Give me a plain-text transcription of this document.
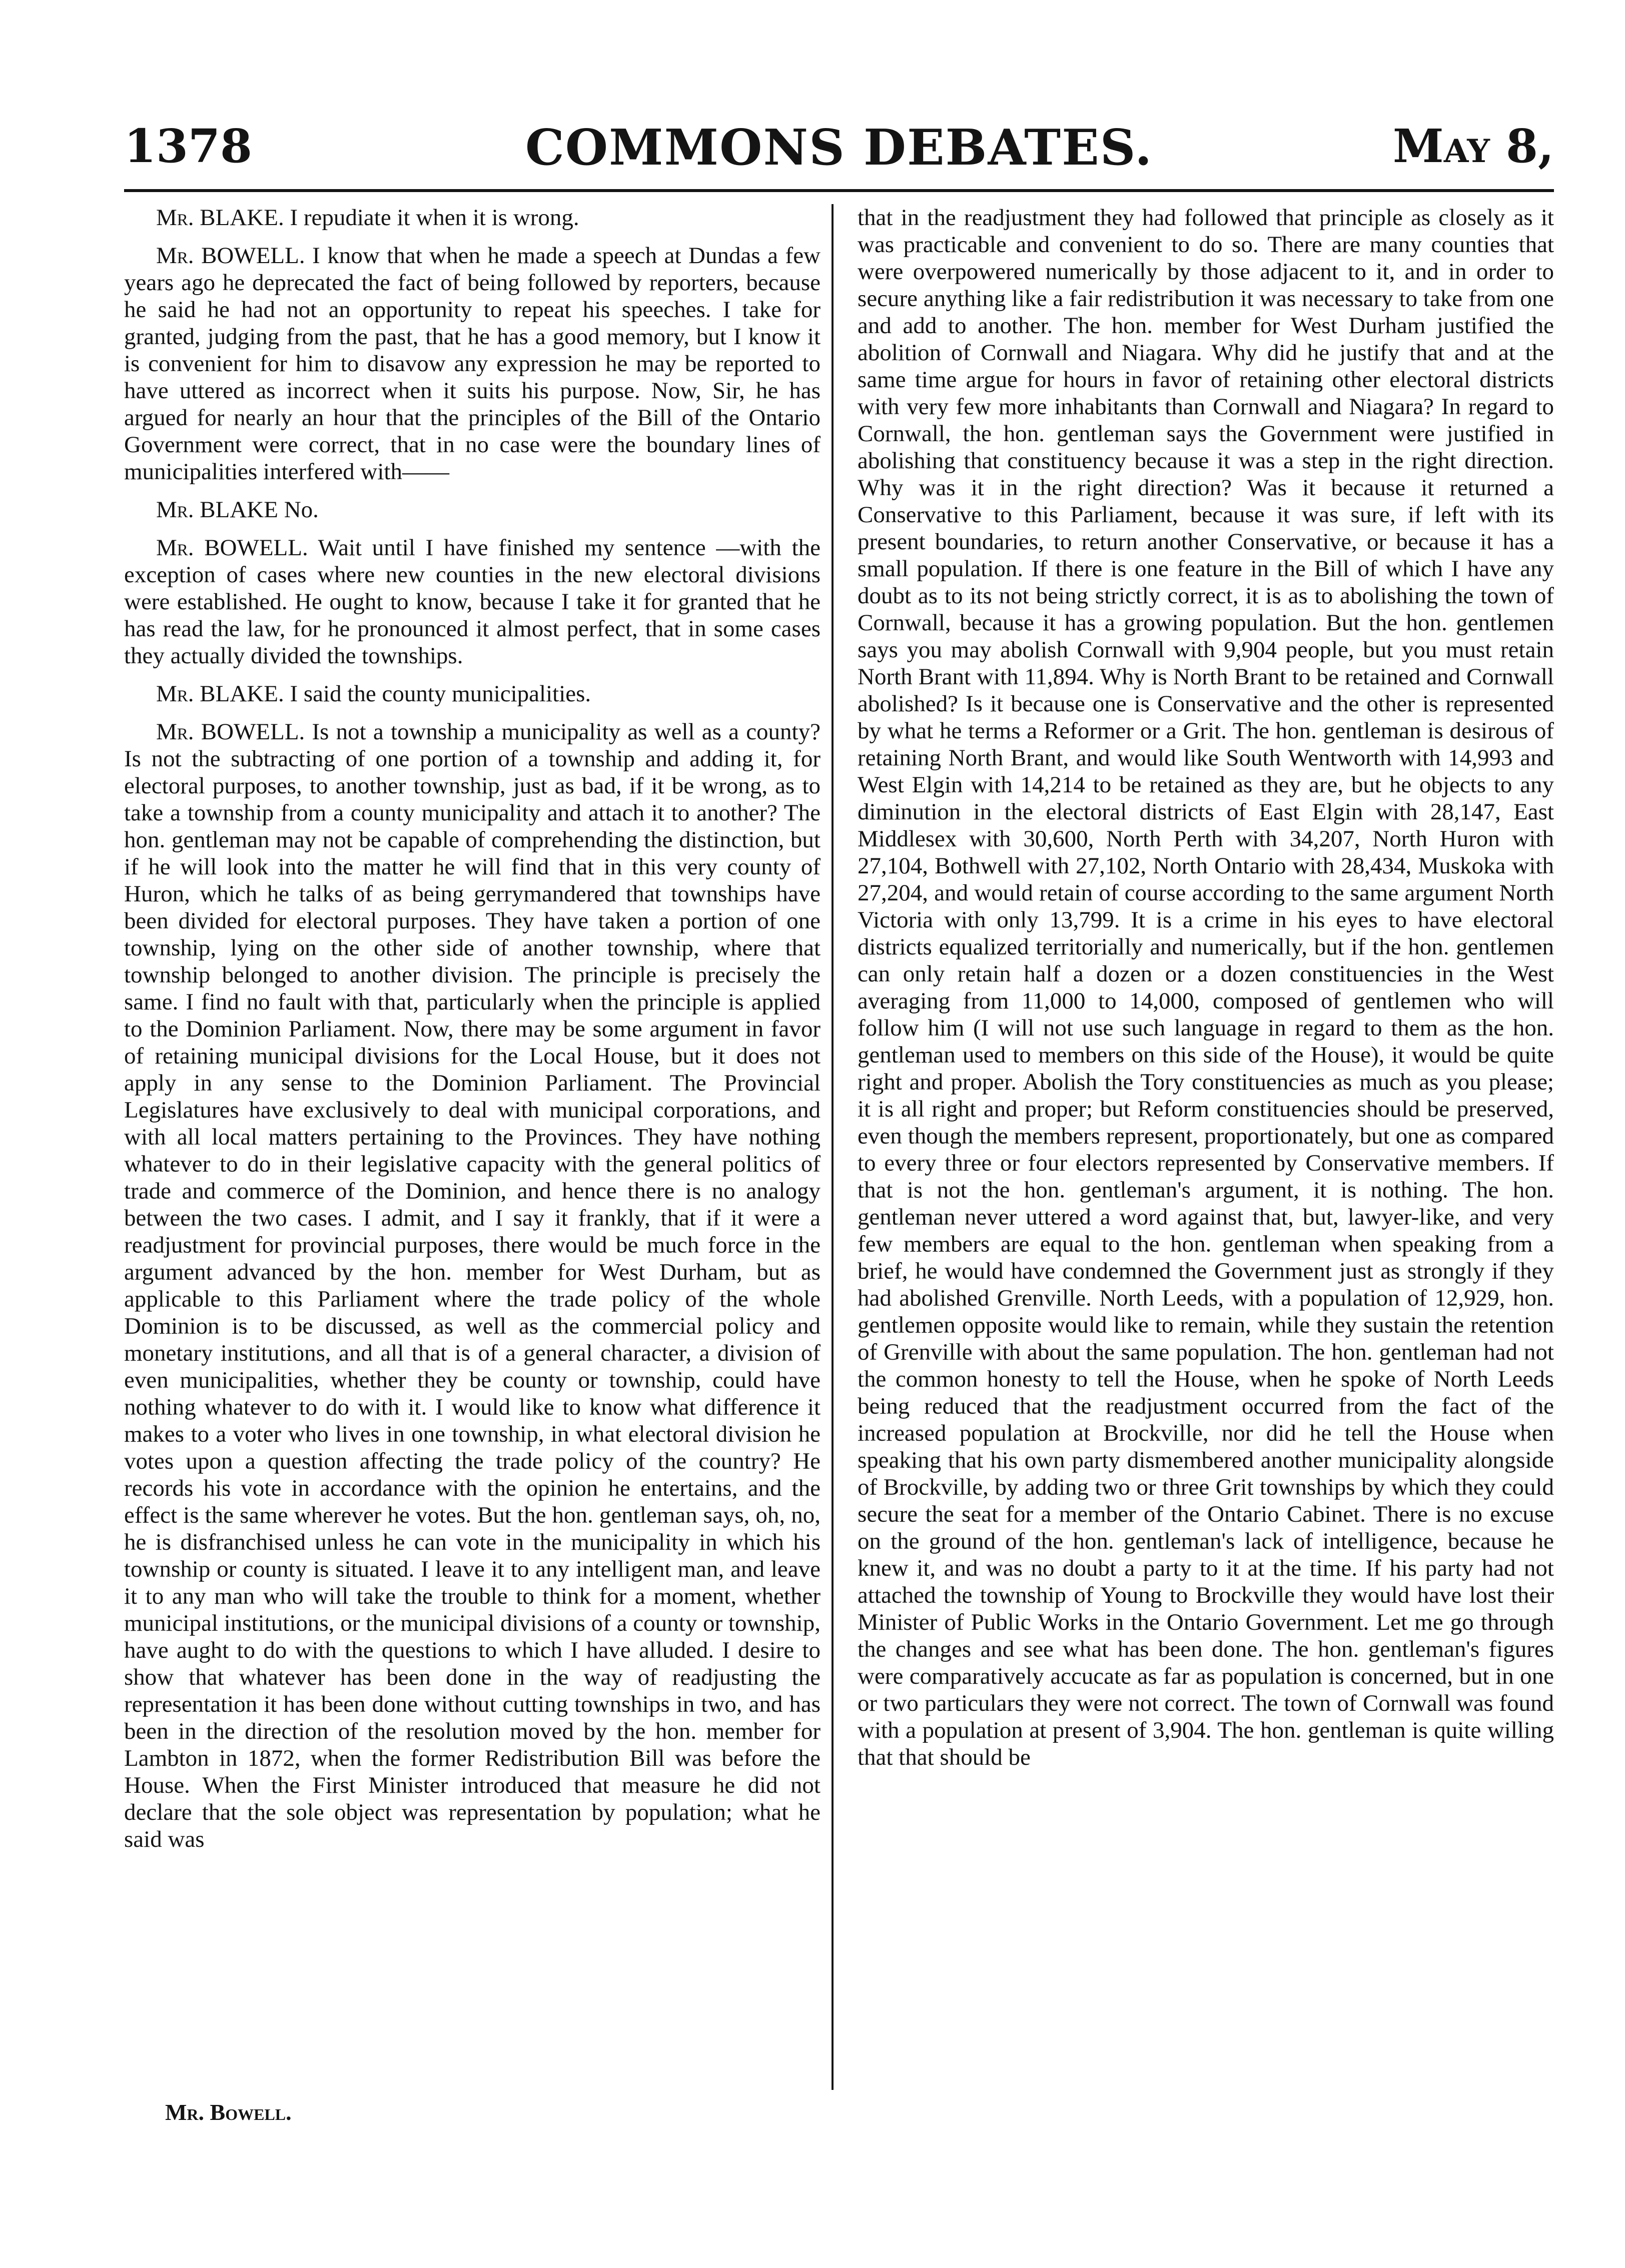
1378	COMMONS DEBATES.	May 8,

Mr. BLAKE. I repudiate it when it is wrong.

Mr. BOWELL. I know that when he made a speech at Dundas a few years ago he deprecated the fact of being followed by reporters, because he said he had not an opportunity to repeat his speeches. I take for granted, judging from the past, that he has a good memory, but I know it is convenient for him to disavow any expression he may be reported to have uttered as incorrect when it suits his purpose. Now, Sir, he has argued for nearly an hour that the principles of the Bill of the Ontario Government were correct, that in no case were the boundary lines of municipalities interfered with——

Mr. BLAKE No.

Mr. BOWELL. Wait until I have finished my sentence —with the exception of cases where new counties in the new electoral divisions were established. He ought to know, because I take it for granted that he has read the law, for he pronounced it almost perfect, that in some cases they actually divided the townships.

Mr. BLAKE. I said the county municipalities.

Mr. BOWELL. Is not a township a municipality as well as a county? Is not the subtracting of one portion of a township and adding it, for electoral purposes, to another township, just as bad, if it be wrong, as to take a township from a county municipality and attach it to another? The hon. gentleman may not be capable of comprehending the distinction, but if he will look into the matter he will find that in this very county of Huron, which he talks of as being gerrymandered that townships have been divided for electoral purposes. They have taken a portion of one township, lying on the other side of another township, where that township belonged to another division. The principle is precisely the same. I find no fault with that, particularly when the principle is applied to the Dominion Parliament. Now, there may be some argument in favor of retaining municipal divisions for the Local House, but it does not apply in any sense to the Dominion Parliament. The Provincial Legislatures have exclusively to deal with municipal corporations, and with all local matters pertaining to the Provinces. They have nothing whatever to do in their legislative capacity with the general politics of trade and commerce of the Dominion, and hence there is no analogy between the two cases. I admit, and I say it frankly, that if it were a readjustment for provincial purposes, there would be much force in the argument advanced by the hon. member for West Durham, but as applicable to this Parliament where the trade policy of the whole Dominion is to be discussed, as well as the commercial policy and monetary institutions, and all that is of a general character, a division of even municipalities, whether they be county or township, could have nothing whatever to do with it. I would like to know what difference it makes to a voter who lives in one township, in what electoral division he votes upon a question affecting the trade policy of the country? He records his vote in accordance with the opinion he entertains, and the effect is the same wherever he votes. But the hon. gentleman says, oh, no, he is disfranchised unless he can vote in the municipality in which his township or county is situated. I leave it to any intelligent man, and leave it to any man who will take the trouble to think for a moment, whether municipal institutions, or the municipal divisions of a county or township, have aught to do with the questions to which I have alluded. I desire to show that whatever has been done in the way of readjusting the representation it has been done without cutting townships in two, and has been in the direction of the resolution moved by the hon. member for Lambton in 1872, when the former Redistribution Bill was before the House. When the First Minister introduced that measure he did not declare that the sole object was representation by population; what he said was

that in the readjustment they had followed that principle as closely as it was practicable and convenient to do so. There are many counties that were overpowered numerically by those adjacent to it, and in order to secure anything like a fair redistribution it was necessary to take from one and add to another. The hon. member for West Durham justified the abolition of Cornwall and Niagara. Why did he justify that and at the same time argue for hours in favor of retaining other electoral districts with very few more inhabitants than Cornwall and Niagara? In regard to Cornwall, the hon. gentleman says the Government were justified in abolishing that constituency because it was a step in the right direction. Why was it in the right direction? Was it because it returned a Conservative to this Parliament, because it was sure, if left with its present boundaries, to return another Conservative, or because it has a small population. If there is one feature in the Bill of which I have any doubt as to its not being strictly correct, it is as to abolishing the town of Cornwall, because it has a growing population. But the hon. gentlemen says you may abolish Cornwall with 9,904 people, but you must retain North Brant with 11,894. Why is North Brant to be retained and Cornwall abolished? Is it because one is Conservative and the other is represented by what he terms a Reformer or a Grit. The hon. gentleman is desirous of retaining North Brant, and would like South Wentworth with 14,993 and West Elgin with 14,214 to be retained as they are, but he objects to any diminution in the electoral districts of East Elgin with 28,147, East Middlesex with 30,600, North Perth with 34,207, North Huron with 27,104, Bothwell with 27,102, North Ontario with 28,434, Muskoka with 27,204, and would retain of course according to the same argument North Victoria with only 13,799. It is a crime in his eyes to have electoral districts equalized territorially and numerically, but if the hon. gentlemen can only retain half a dozen or a dozen constituencies in the West averaging from 11,000 to 14,000, composed of gentlemen who will follow him (I will not use such language in regard to them as the hon. gentleman used to members on this side of the House), it would be quite right and proper. Abolish the Tory constituencies as much as you please; it is all right and proper; but Reform constituencies should be preserved, even though the members represent, proportionately, but one as compared to every three or four electors represented by Conservative members. If that is not the hon. gentleman's argument, it is nothing. The hon. gentleman never uttered a word against that, but, lawyer-like, and very few members are equal to the hon. gentleman when speaking from a brief, he would have condemned the Government just as strongly if they had abolished Grenville. North Leeds, with a population of 12,929, hon. gentlemen opposite would like to remain, while they sustain the retention of Grenville with about the same population. The hon. gentleman had not the common honesty to tell the House, when he spoke of North Leeds being reduced that the readjustment occurred from the fact of the increased population at Brockville, nor did he tell the House when speaking that his own party dismembered another municipality alongside of Brockville, by adding two or three Grit townships by which they could secure the seat for a member of the Ontario Cabinet. There is no excuse on the ground of the hon. gentleman's lack of intelligence, because he knew it, and was no doubt a party to it at the time. If his party had not attached the township of Young to Brockville they would have lost their Minister of Public Works in the Ontario Government. Let me go through the changes and see what has been done. The hon. gentleman's figures were comparatively accucate as far as population is concerned, but in one or two particulars they were not correct. The town of Cornwall was found with a population at present of 3,904. The hon. gentleman is quite willing that that should be

Mr. Bowell.
